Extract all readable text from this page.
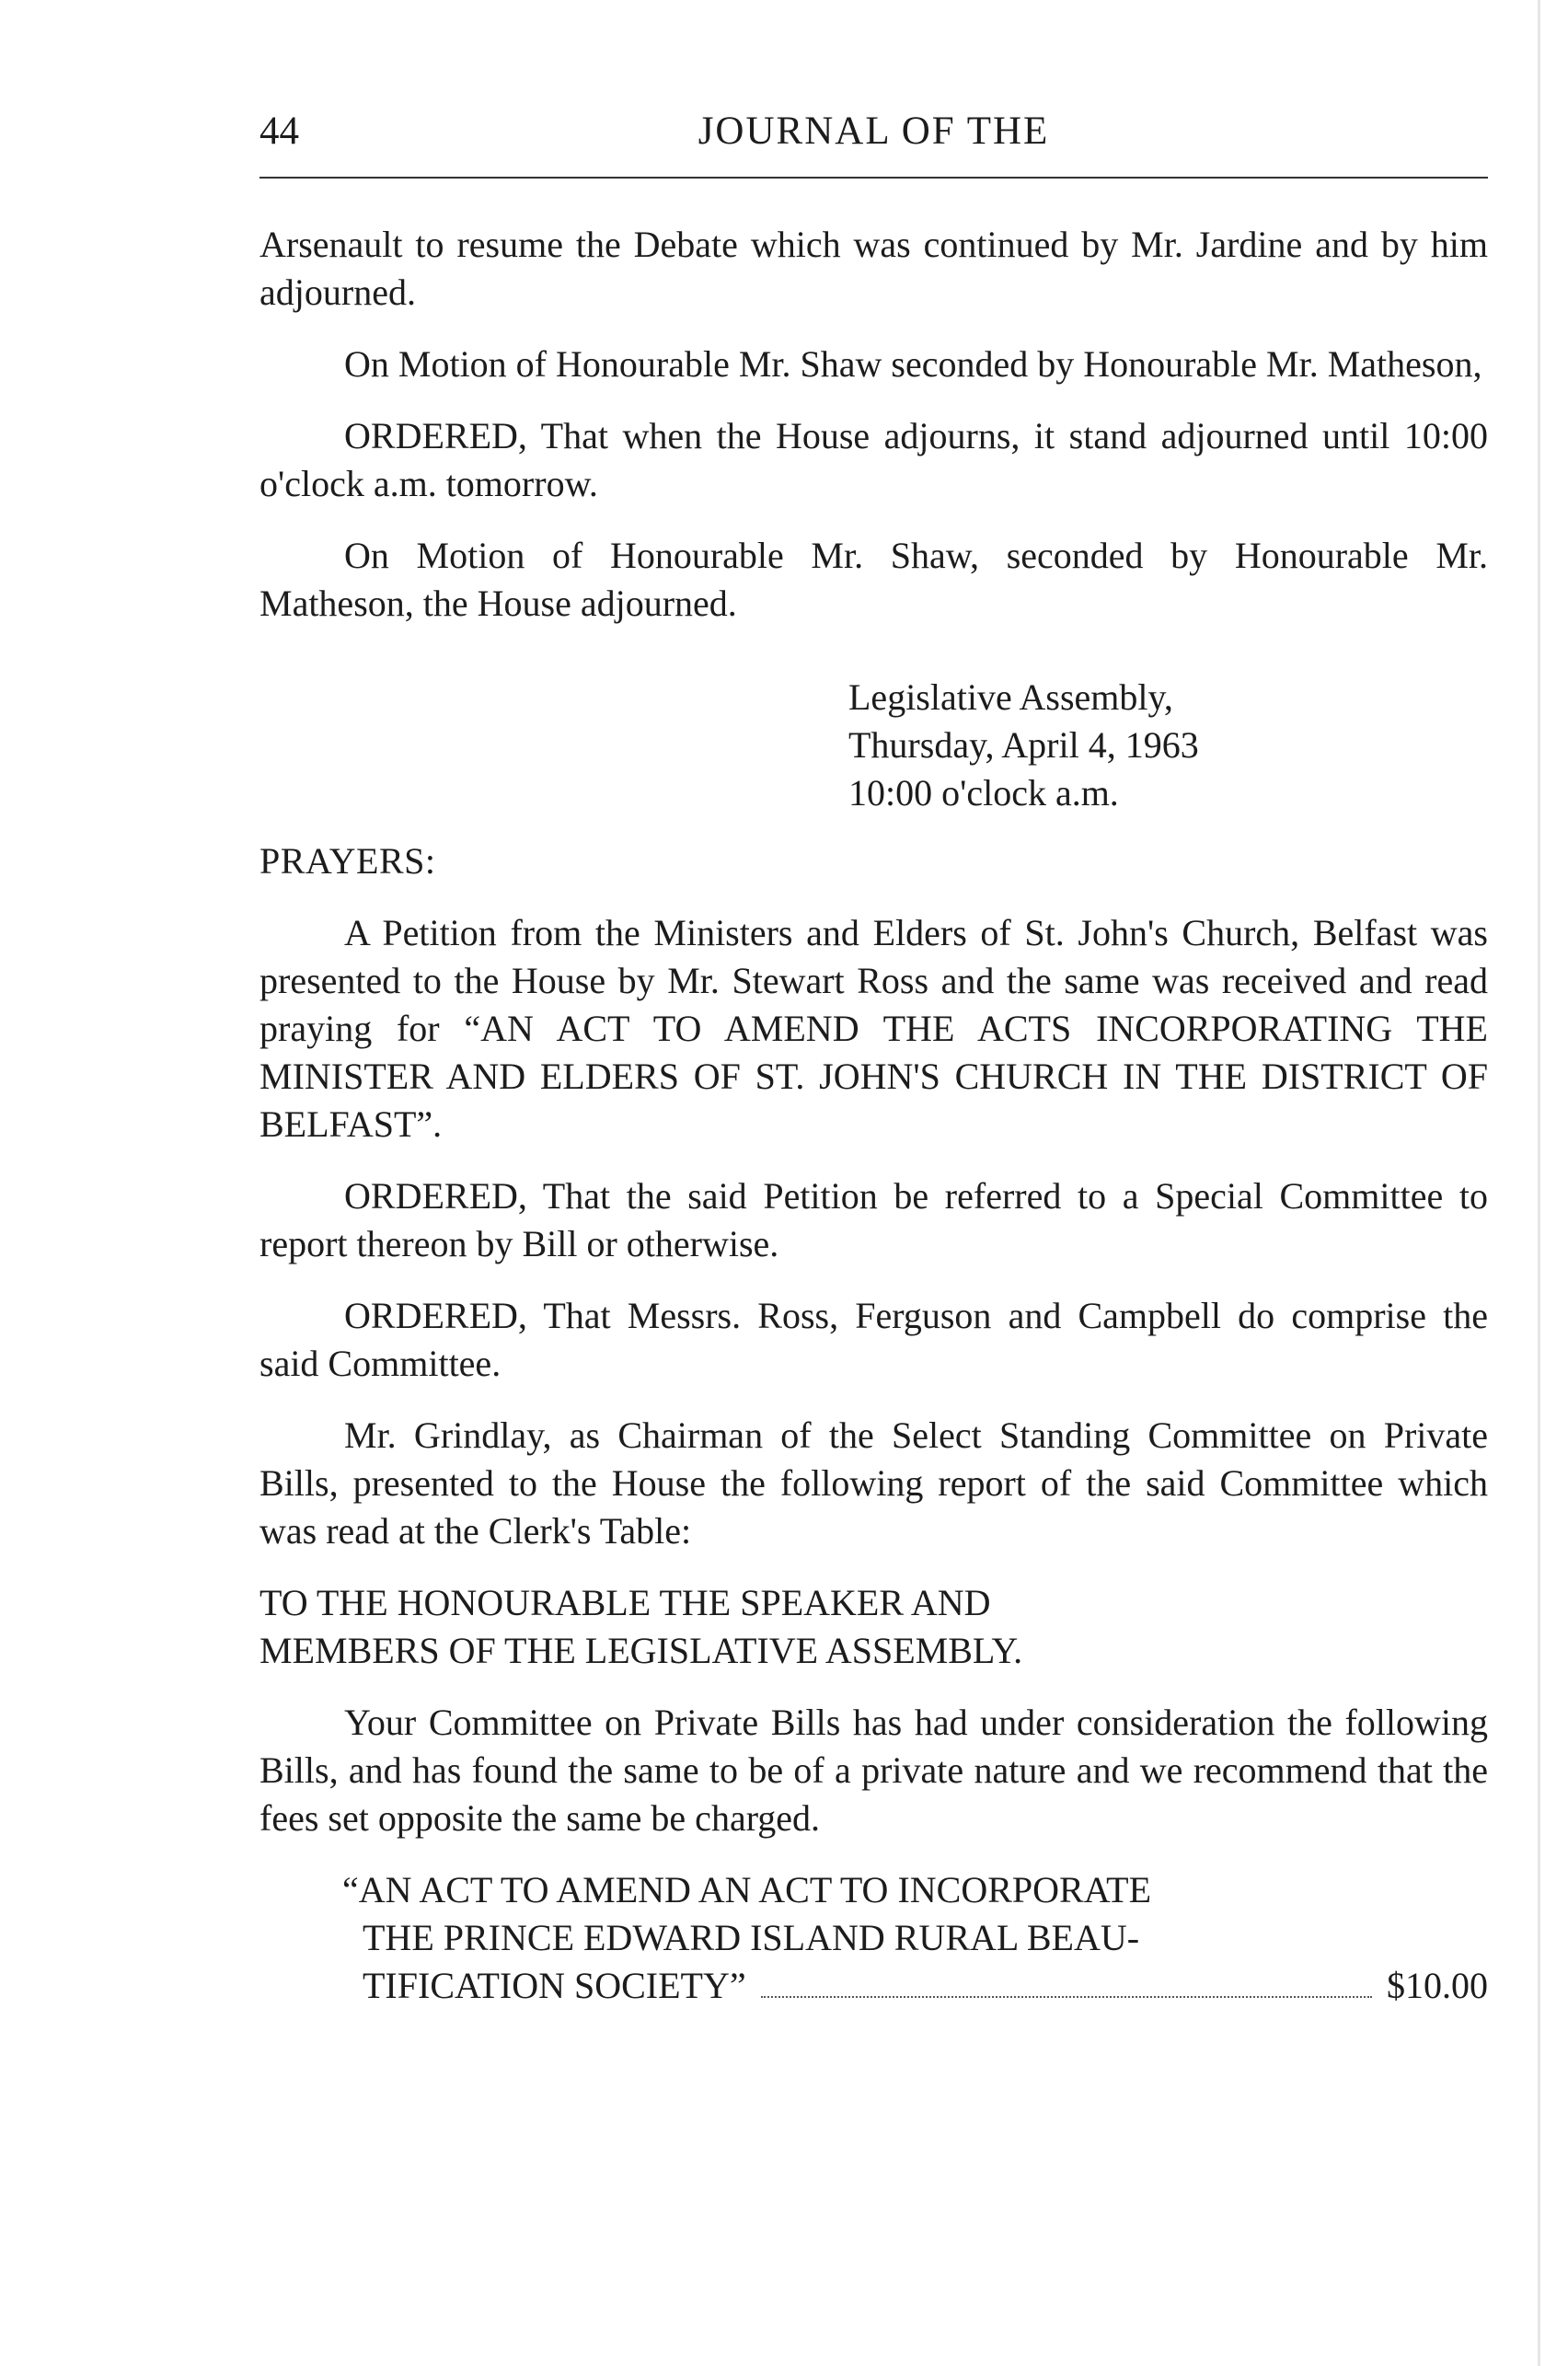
44	JOURNAL OF THE

Arsenault to resume the Debate which was continued by Mr. Jardine and by him adjourned.

On Motion of Honourable Mr. Shaw seconded by Honourable Mr. Matheson,

ORDERED, That when the House adjourns, it stand adjourned until 10:00 o'clock a.m. tomorrow.

On Motion of Honourable Mr. Shaw, seconded by Honourable Mr. Matheson, the House adjourned.

Legislative Assembly,
Thursday, April 4, 1963
10:00 o'clock a.m.

PRAYERS:

A Petition from the Ministers and Elders of St. John's Church, Belfast was presented to the House by Mr. Stewart Ross and the same was received and read praying for “AN ACT TO AMEND THE ACTS INCORPORATING THE MINISTER AND ELDERS OF ST. JOHN'S CHURCH IN THE DISTRICT OF BELFAST”.

ORDERED, That the said Petition be referred to a Special Committee to report thereon by Bill or otherwise.

ORDERED, That Messrs. Ross, Ferguson and Campbell do comprise the said Committee.

Mr. Grindlay, as Chairman of the Select Standing Committee on Private Bills, presented to the House the following report of the said Committee which was read at the Clerk's Table:

TO THE HONOURABLE THE SPEAKER AND
MEMBERS OF THE LEGISLATIVE ASSEMBLY.

Your Committee on Private Bills has had under consideration the following Bills, and has found the same to be of a private nature and we recommend that the fees set opposite the same be charged.

“AN ACT TO AMEND AN ACT TO INCORPORATE
THE PRINCE EDWARD ISLAND RURAL BEAU-
TIFICATION SOCIETY”	$10.00
